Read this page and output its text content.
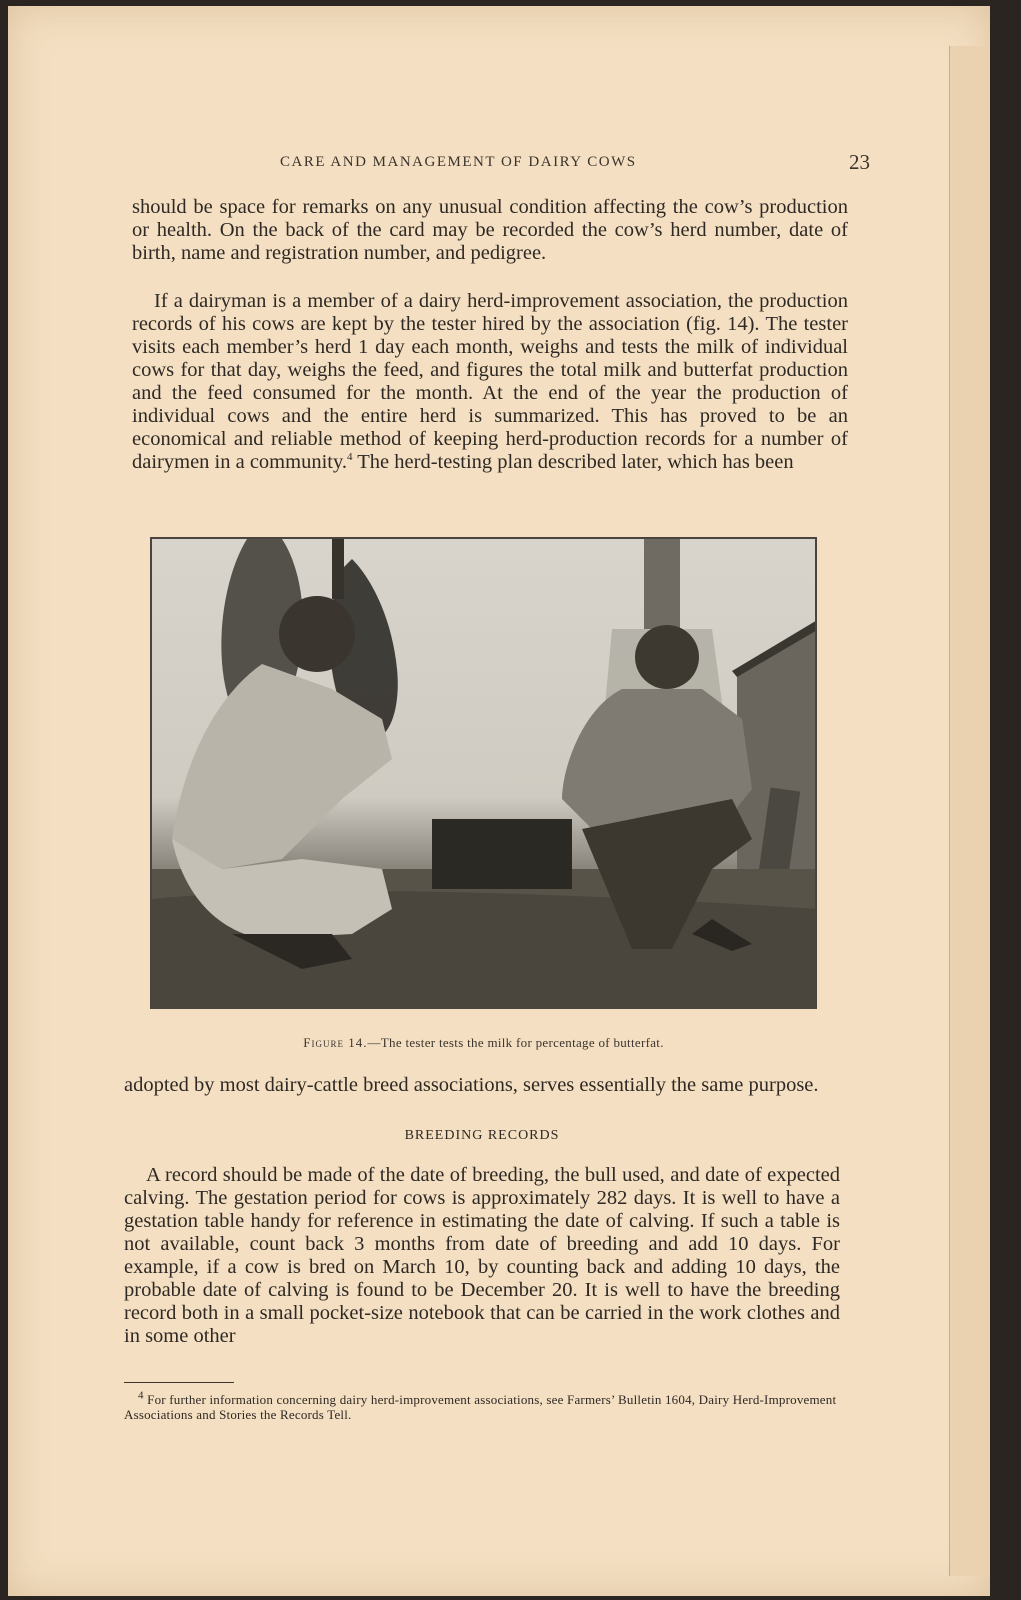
CARE AND MANAGEMENT OF DAIRY COWS	23

should be space for remarks on any unusual condition affecting the cow’s production or health. On the back of the card may be recorded the cow’s herd number, date of birth, name and registration number, and pedigree.

If a dairyman is a member of a dairy herd-improvement association, the production records of his cows are kept by the tester hired by the association (fig. 14). The tester visits each member’s herd 1 day each month, weighs and tests the milk of individual cows for that day, weighs the feed, and figures the total milk and butterfat production and the feed consumed for the month. At the end of the year the production of individual cows and the entire herd is summarized. This has proved to be an economical and reliable method of keeping herd-production records for a number of dairymen in a community.$^4$ The herd-testing plan described later, which has been

Figure 14.—The tester tests the milk for percentage of butterfat.

adopted by most dairy-cattle breed associations, serves essentially the same purpose.

BREEDING RECORDS

A record should be made of the date of breeding, the bull used, and date of expected calving. The gestation period for cows is approximately 282 days. It is well to have a gestation table handy for reference in estimating the date of calving. If such a table is not available, count back 3 months from date of breeding and add 10 days. For example, if a cow is bred on March 10, by counting back and adding 10 days, the probable date of calving is found to be December 20. It is well to have the breeding record both in a small pocket-size notebook that can be carried in the work clothes and in some other

$^4$ For further information concerning dairy herd-improvement associations, see Farmers’ Bulletin 1604, Dairy Herd-Improvement Associations and Stories the Records Tell.
